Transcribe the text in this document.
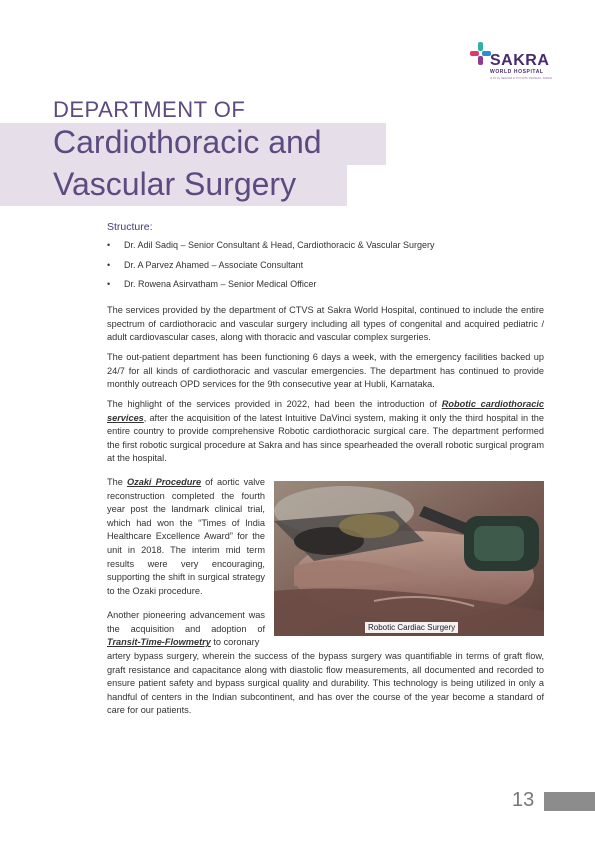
SAKRA
WORLD HOSPITAL
A JV by SECOM & TOYOTA TSUSHO, JAPAN
DEPARTMENT OF
Cardiothoracic and
Vascular Surgery
Structure:
• Dr. Adil Sadiq – Senior Consultant & Head, Cardiothoracic & Vascular Surgery
• Dr. A Parvez Ahamed – Associate Consultant
• Dr. Rowena Asirvatham – Senior Medical Officer

The services provided by the department of CTVS at Sakra World Hospital, continued to include the entire spectrum of cardiothoracic and vascular surgery including all types of congenital and acquired pediatric / adult cardiovascular cases, along with thoracic and vascular complex surgeries.

The out-patient department has been functioning 6 days a week, with the emergency facilities backed up 24/7 for all kinds of cardiothoracic and vascular emergencies. The department has continued to provide monthly outreach OPD services for the 9th consecutive year at Hubli, Karnataka.

The highlight of the services provided in 2022, had been the introduction of Robotic cardiothoracic services, after the acquisition of the latest Intuitive DaVinci system, making it only the third hospital in the entire country to provide comprehensive Robotic cardiothoracic surgical care. The department performed the first robotic surgical procedure at Sakra and has since spearheaded the overall robotic surgical program at the hospital.

The Ozaki Procedure of aortic valve reconstruction completed the fourth year post the landmark clinical trial, which had won the “Times of India Healthcare Excellence Award” for the unit in 2018. The interim mid term results were very encouraging, supporting the shift in surgical strategy to the Ozaki procedure.

Another pioneering advancement was the acquisition and adoption of Transit-Time-Flowmetry to coronary

artery bypass surgery, wherein the success of the bypass surgery was quantifiable in terms of graft flow, graft resistance and capacitance along with diastolic flow measurements, all documented and recorded to ensure patient safety and bypass surgical quality and durability. This technology is being utilized in only a handful of centers in the Indian subcontinent, and has over the course of the year become a standard of care for our patients.

Robotic Cardiac Surgery
13
